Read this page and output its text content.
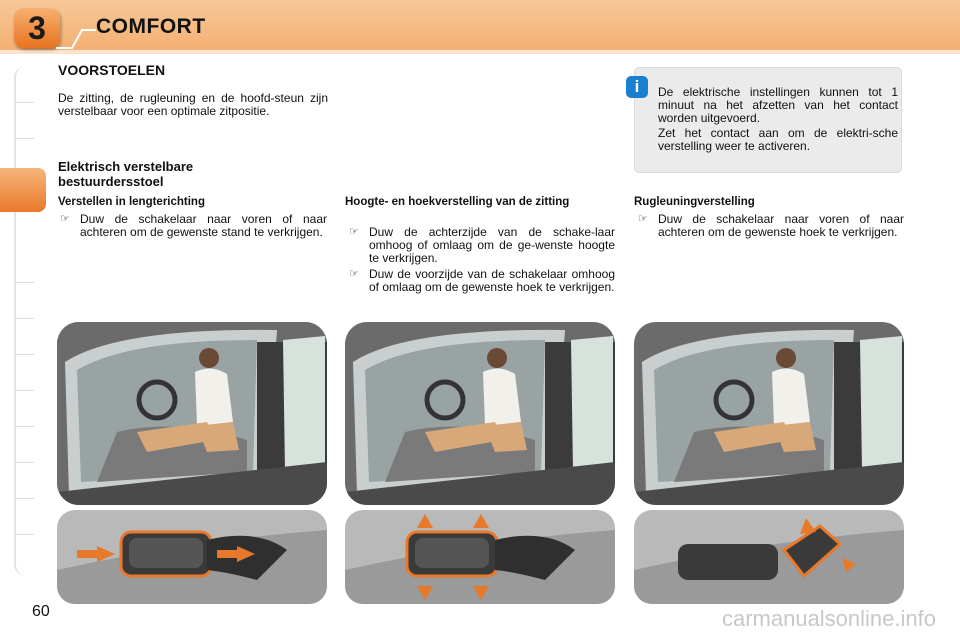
3	COMFORT
VOORSTOELEN

De zitting, de rugleuning en de hoofd-steun zijn verstelbaar voor een optimale zitpositie.

i	De elektrische instellingen kunnen tot 1 minuut na het afzetten van het contact worden uitgevoerd.

Zet het contact aan om de elektri-sche verstelling weer te activeren.

Elektrisch verstelbare bestuurdersstoel
Verstellen in lengterichting
☞ Duw de schakelaar naar voren of naar achteren om de gewenste stand te verkrijgen.
Hoogte- en hoekverstelling van de zitting
☞ Duw de achterzijde van de schake-laar omhoog of omlaag om de ge-wenste hoogte te verkrijgen.
☞ Duw de voorzijde van de schakelaar omhoog of omlaag om de gewenste hoek te verkrijgen.
Rugleuningverstelling
☞ Duw de schakelaar naar voren of naar achteren om de gewenste hoek te verkrijgen.
60	carmanualsonline.info
